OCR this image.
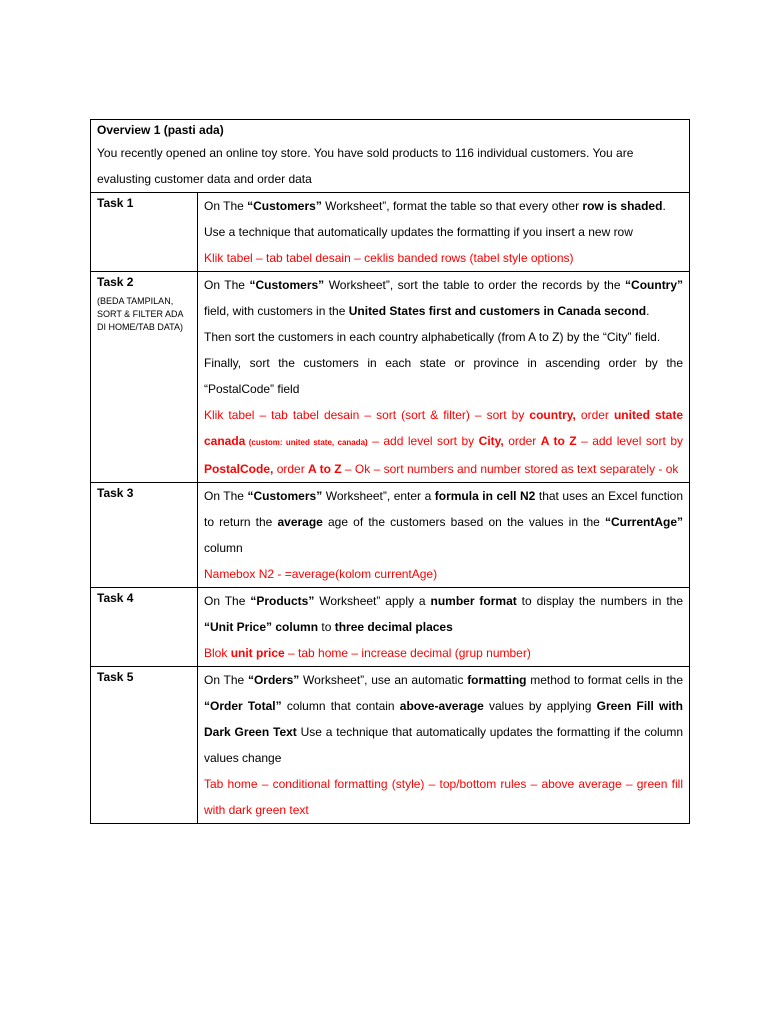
Overview 1 (pasti ada)
You recently opened an online toy store. You have sold products to 116 individual customers. You are evalusting customer data and order data	

Task 1	On The “Customers” Worksheet”, format the table so that every other row is shaded.
Use a technique that automatically updates the formatting if you insert a new row
Klik tabel – tab tabel desain – ceklis banded rows (tabel style options)

Task 2
(BEDA TAMPILAN, SORT & FILTER ADA DI HOME/TAB DATA)	On The “Customers” Worksheet”, sort the table to order the records by the “Country” field, with customers in the United States first and customers in Canada second.
Then sort the customers in each country alphabetically (from A to Z) by the “City” field.
Finally, sort the customers in each state or province in ascending order by the “PostalCode” field
Klik tabel – tab tabel desain – sort (sort & filter) – sort by country, order united state canada (custom: united state, canada) – add level sort by City, order A to Z – add level sort by PostalCode, order A to Z – Ok – sort numbers and number stored as text separately - ok

Task 3	On The “Customers” Worksheet”, enter a formula in cell N2 that uses an Excel function to return the average age of the customers based on the values in the “CurrentAge” column
Namebox N2 - =average(kolom currentAge)

Task 4	On The “Products” Worksheet” apply a number format to display the numbers in the “Unit Price” column to three decimal places
Blok unit price – tab home – increase decimal (grup number)

Task 5	On The “Orders” Worksheet”, use an automatic formatting method to format cells in the “Order Total” column that contain above-average values by applying Green Fill with Dark Green Text Use a technique that automatically updates the formatting if the column values change
Tab home – conditional formatting (style) – top/bottom rules – above average – green fill with dark green text
